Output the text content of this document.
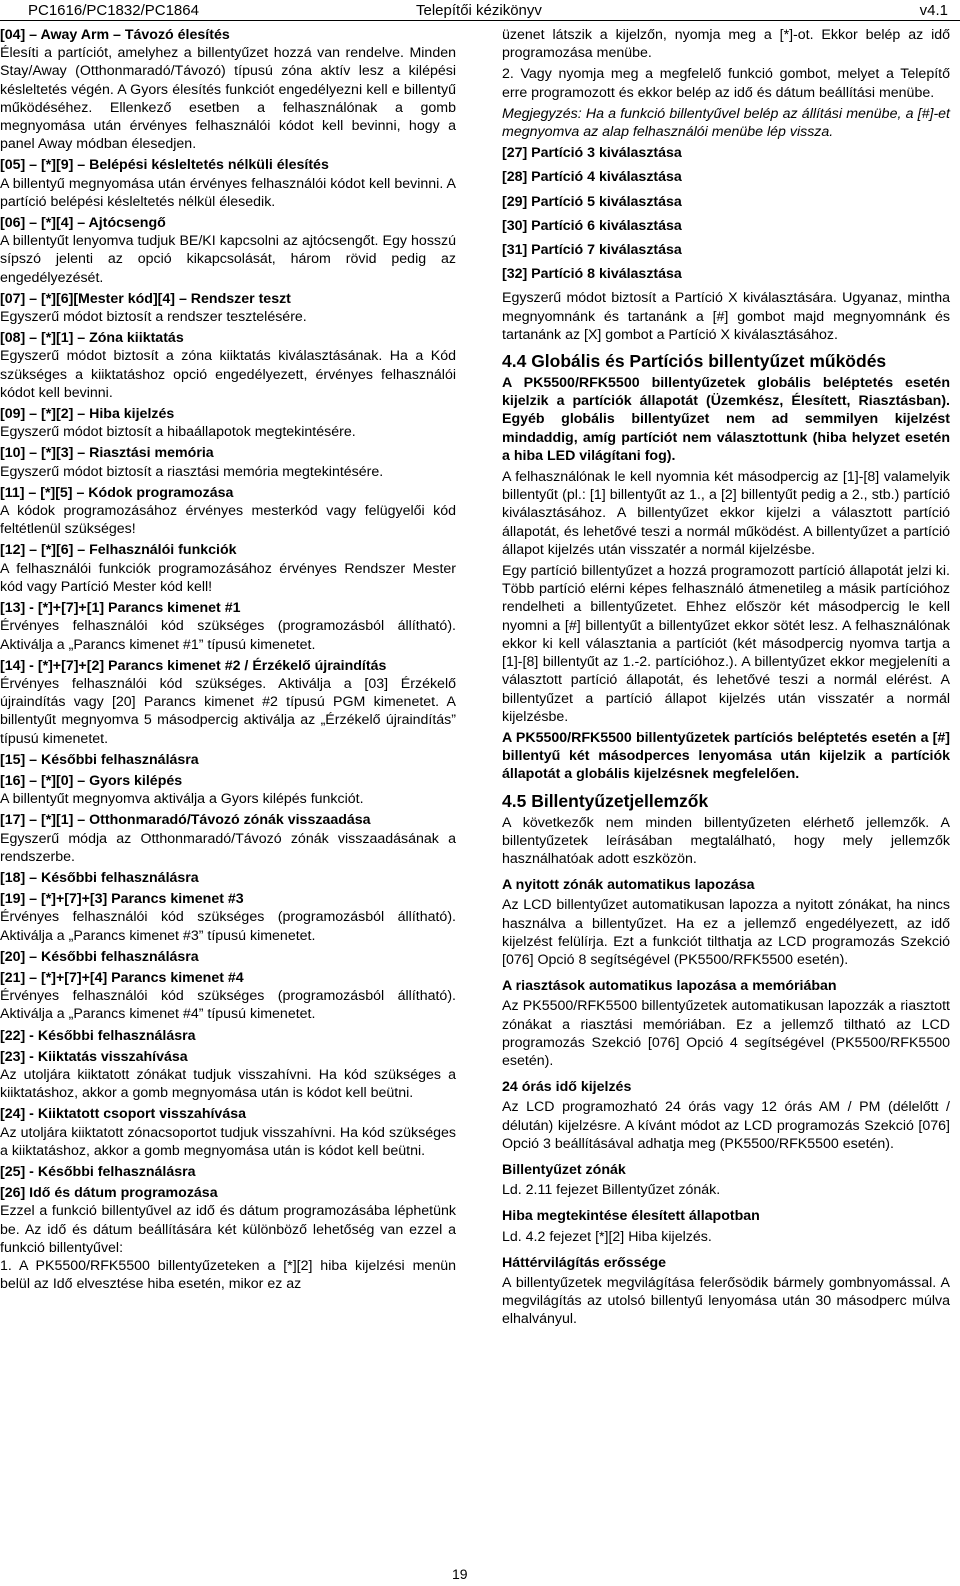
PC1616/PC1832/PC1864	Telepítői kézikönyv	v4.1
[04] – Away Arm – Távozó élesítés
Élesíti a partíciót, amelyhez a billentyűzet hozzá van rendelve. Minden Stay/Away (Otthonmaradó/Távozó) típusú zóna aktív lesz a kilépési késleltetés végén. A Gyors élesítés funkciót engedélyezni kell e billentyű működéséhez. Ellenkező esetben a felhasználónak a gomb megnyomása után érvényes felhasználói kódot kell bevinni, hogy a panel Away módban élesedjen.
[05] – [*][9] – Belépési késleltetés nélküli élesítés
A billentyű megnyomása után érvényes felhasználói kódot kell bevinni. A partíció belépési késleltetés nélkül élesedik.
[06] – [*][4] – Ajtócsengő
A billentyűt lenyomva tudjuk BE/KI kapcsolni az ajtócsengőt. Egy hosszú sípszó jelenti az opció kikapcsolását, három rövid pedig az engedélyezését.
[07] – [*][6][Mester kód][4] – Rendszer teszt
Egyszerű módot biztosít a rendszer tesztelésére.
[08] – [*][1] – Zóna kiiktatás
Egyszerű módot biztosít a zóna kiiktatás kiválasztásának. Ha a Kód szükséges a kiiktatáshoz opció engedélyezett, érvényes felhasználói kódot kell bevinni.
[09] – [*][2] – Hiba kijelzés
Egyszerű módot biztosít a hibaállapotok megtekintésére.
[10] – [*][3] – Riasztási memória
Egyszerű módot biztosít a riasztási memória megtekintésére.
[11] – [*][5] – Kódok programozása
A kódok programozásához érvényes mesterkód vagy felügyelői kód feltétlenül szükséges!
[12] – [*][6] – Felhasználói funkciók
A felhasználói funkciók programozásához érvényes Rendszer Mester kód vagy Partíció Mester kód kell!
[13] - [*]+[7]+[1] Parancs kimenet #1
Érvényes felhasználói kód szükséges (programozásból állítható). Aktiválja a „Parancs kimenet #1” típusú kimenetet.
[14] - [*]+[7]+[2] Parancs kimenet #2 / Érzékelő újraindítás
Érvényes felhasználói kód szükséges. Aktiválja a [03] Érzékelő újraindítás vagy [20] Parancs kimenet #2 típusú PGM kimenetet. A billentyűt megnyomva 5 másodpercig aktiválja az „Érzékelő újraindítás” típusú kimenetet.
[15] – Későbbi felhasználásra
[16] – [*][0] – Gyors kilépés
A billentyűt megnyomva aktiválja a Gyors kilépés funkciót.
[17] – [*][1] – Otthonmaradó/Távozó zónák visszaadása
Egyszerű módja az Otthonmaradó/Távozó zónák visszaadásának a rendszerbe.
[18] – Későbbi felhasználásra
[19] – [*]+[7]+[3] Parancs kimenet #3
Érvényes felhasználói kód szükséges (programozásból állítható). Aktiválja a „Parancs kimenet #3” típusú kimenetet.
[20] – Későbbi felhasználásra
[21] – [*]+[7]+[4] Parancs kimenet #4
Érvényes felhasználói kód szükséges (programozásból állítható). Aktiválja a „Parancs kimenet #4” típusú kimenetet.
[22] - Későbbi felhasználásra
[23] - Kiiktatás visszahívása
Az utoljára kiiktatott zónákat tudjuk visszahívni. Ha kód szükséges a kiiktatáshoz, akkor a gomb megnyomása után is kódot kell beütni.
[24] - Kiiktatott csoport visszahívása
Az utoljára kiiktatott zónacsoportot tudjuk visszahívni. Ha kód szükséges a kiiktatáshoz, akkor a gomb megnyomása után is kódot kell beütni.
[25] - Későbbi felhasználásra
[26] Idő és dátum programozása
Ezzel a funkció billentyűvel az idő és dátum programozásába léphetünk be. Az idő és dátum beállítására két különböző lehetőség van ezzel a funkció billentyűvel:
1. A PK5500/RFK5500 billentyűzeteken a [*][2] hiba kijelzési menün belül az Idő elvesztése hiba esetén, mikor ez az
üzenet látszik a kijelzőn, nyomja meg a [*]-ot. Ekkor belép az idő programozása menübe.
2. Vagy nyomja meg a megfelelő funkció gombot, melyet a Telepítő erre programozott és ekkor belép az idő és dátum beállítási menübe.
Megjegyzés: Ha a funkció billentyűvel belép az állítási menübe, a [#]-et megnyomva az alap felhasználói menübe lép vissza.
[27] Partíció 3 kiválasztása
[28] Partíció 4 kiválasztása
[29] Partíció 5 kiválasztása
[30] Partíció 6 kiválasztása
[31] Partíció 7 kiválasztása
[32] Partíció 8 kiválasztása
Egyszerű módot biztosít a Partíció X kiválasztására. Ugyanaz, mintha megnyomnánk és tartanánk a [#] gombot majd megnyomnánk és tartanánk az [X] gombot a Partíció X kiválasztásához.
4.4 Globális és Partíciós billentyűzet működés
A PK5500/RFK5500 billentyűzetek globális beléptetés esetén kijelzik a partíciók állapotát (Üzemkész, Élesített, Riasztásban). Egyéb globális billentyűzet nem ad semmilyen kijelzést mindaddig, amíg partíciót nem választottunk (hiba helyzet esetén a hiba LED világítani fog).
A felhasználónak le kell nyomnia két másodpercig az [1]-[8] valamelyik billentyűt (pl.: [1] billentyűt az 1., a [2] billentyűt pedig a 2., stb.) partíció kiválasztásához. A billentyűzet ekkor kijelzi a választott partíció állapotát, és lehetővé teszi a normál működést. A billentyűzet a partíció állapot kijelzés után visszatér a normál kijelzésbe.
Egy partíció billentyűzet a hozzá programozott partíció állapotát jelzi ki. Több partíció elérni képes felhasználó átmenetileg a másik partícióhoz rendelheti a billentyűzetet. Ehhez először két másodpercig le kell nyomni a [#] billentyűt a billentyűzet ekkor sötét lesz. A felhasználónak ekkor ki kell választania a partíciót (két másodpercig nyomva tartja a [1]-[8] billentyűt az 1.-2. partícióhoz.). A billentyűzet ekkor megjeleníti a választott partíció állapotát, és lehetővé teszi a normál elérést. A billentyűzet a partíció állapot kijelzés után visszatér a normál kijelzésbe.
A PK5500/RFK5500 billentyűzetek partíciós beléptetés esetén a [#] billentyű két másodperces lenyomása után kijelzik a partíciók állapotát a globális kijelzésnek megfelelően.
4.5 Billentyűzetjellemzők
A következők nem minden billentyűzeten elérhető jellemzők. A billentyűzetek leírásában megtalálható, hogy mely jellemzők használhatóak adott eszközön.
A nyitott zónák automatikus lapozása
Az LCD billentyűzet automatikusan lapozza a nyitott zónákat, ha nincs használva a billentyűzet. Ha ez a jellemző engedélyezett, az idő kijelzést felülírja. Ezt a funkciót tilthatja az LCD programozás Szekció [076] Opció 8 segítségével (PK5500/RFK5500 esetén).
A riasztások automatikus lapozása a memóriában
Az PK5500/RFK5500 billentyűzetek automatikusan lapozzák a riasztott zónákat a riasztási memóriában. Ez a jellemző tiltható az LCD programozás Szekció [076] Opció 4 segítségével (PK5500/RFK5500 esetén).
24 órás idő kijelzés
Az LCD programozható 24 órás vagy 12 órás AM / PM (délelőtt / délután) kijelzésre. A kívánt módot az LCD programozás Szekció [076] Opció 3 beállításával adhatja meg (PK5500/RFK5500 esetén).
Billentyűzet zónák
Ld. 2.11 fejezet Billentyűzet zónák.
Hiba megtekintése élesített állapotban
Ld. 4.2 fejezet [*][2] Hiba kijelzés.
Háttérvilágítás erőssége
A billentyűzetek megvilágítása felerősödik bármely gombnyomással. A megvilágítás az utolsó billentyű lenyomása után 30 másodperc múlva elhalványul.
19
